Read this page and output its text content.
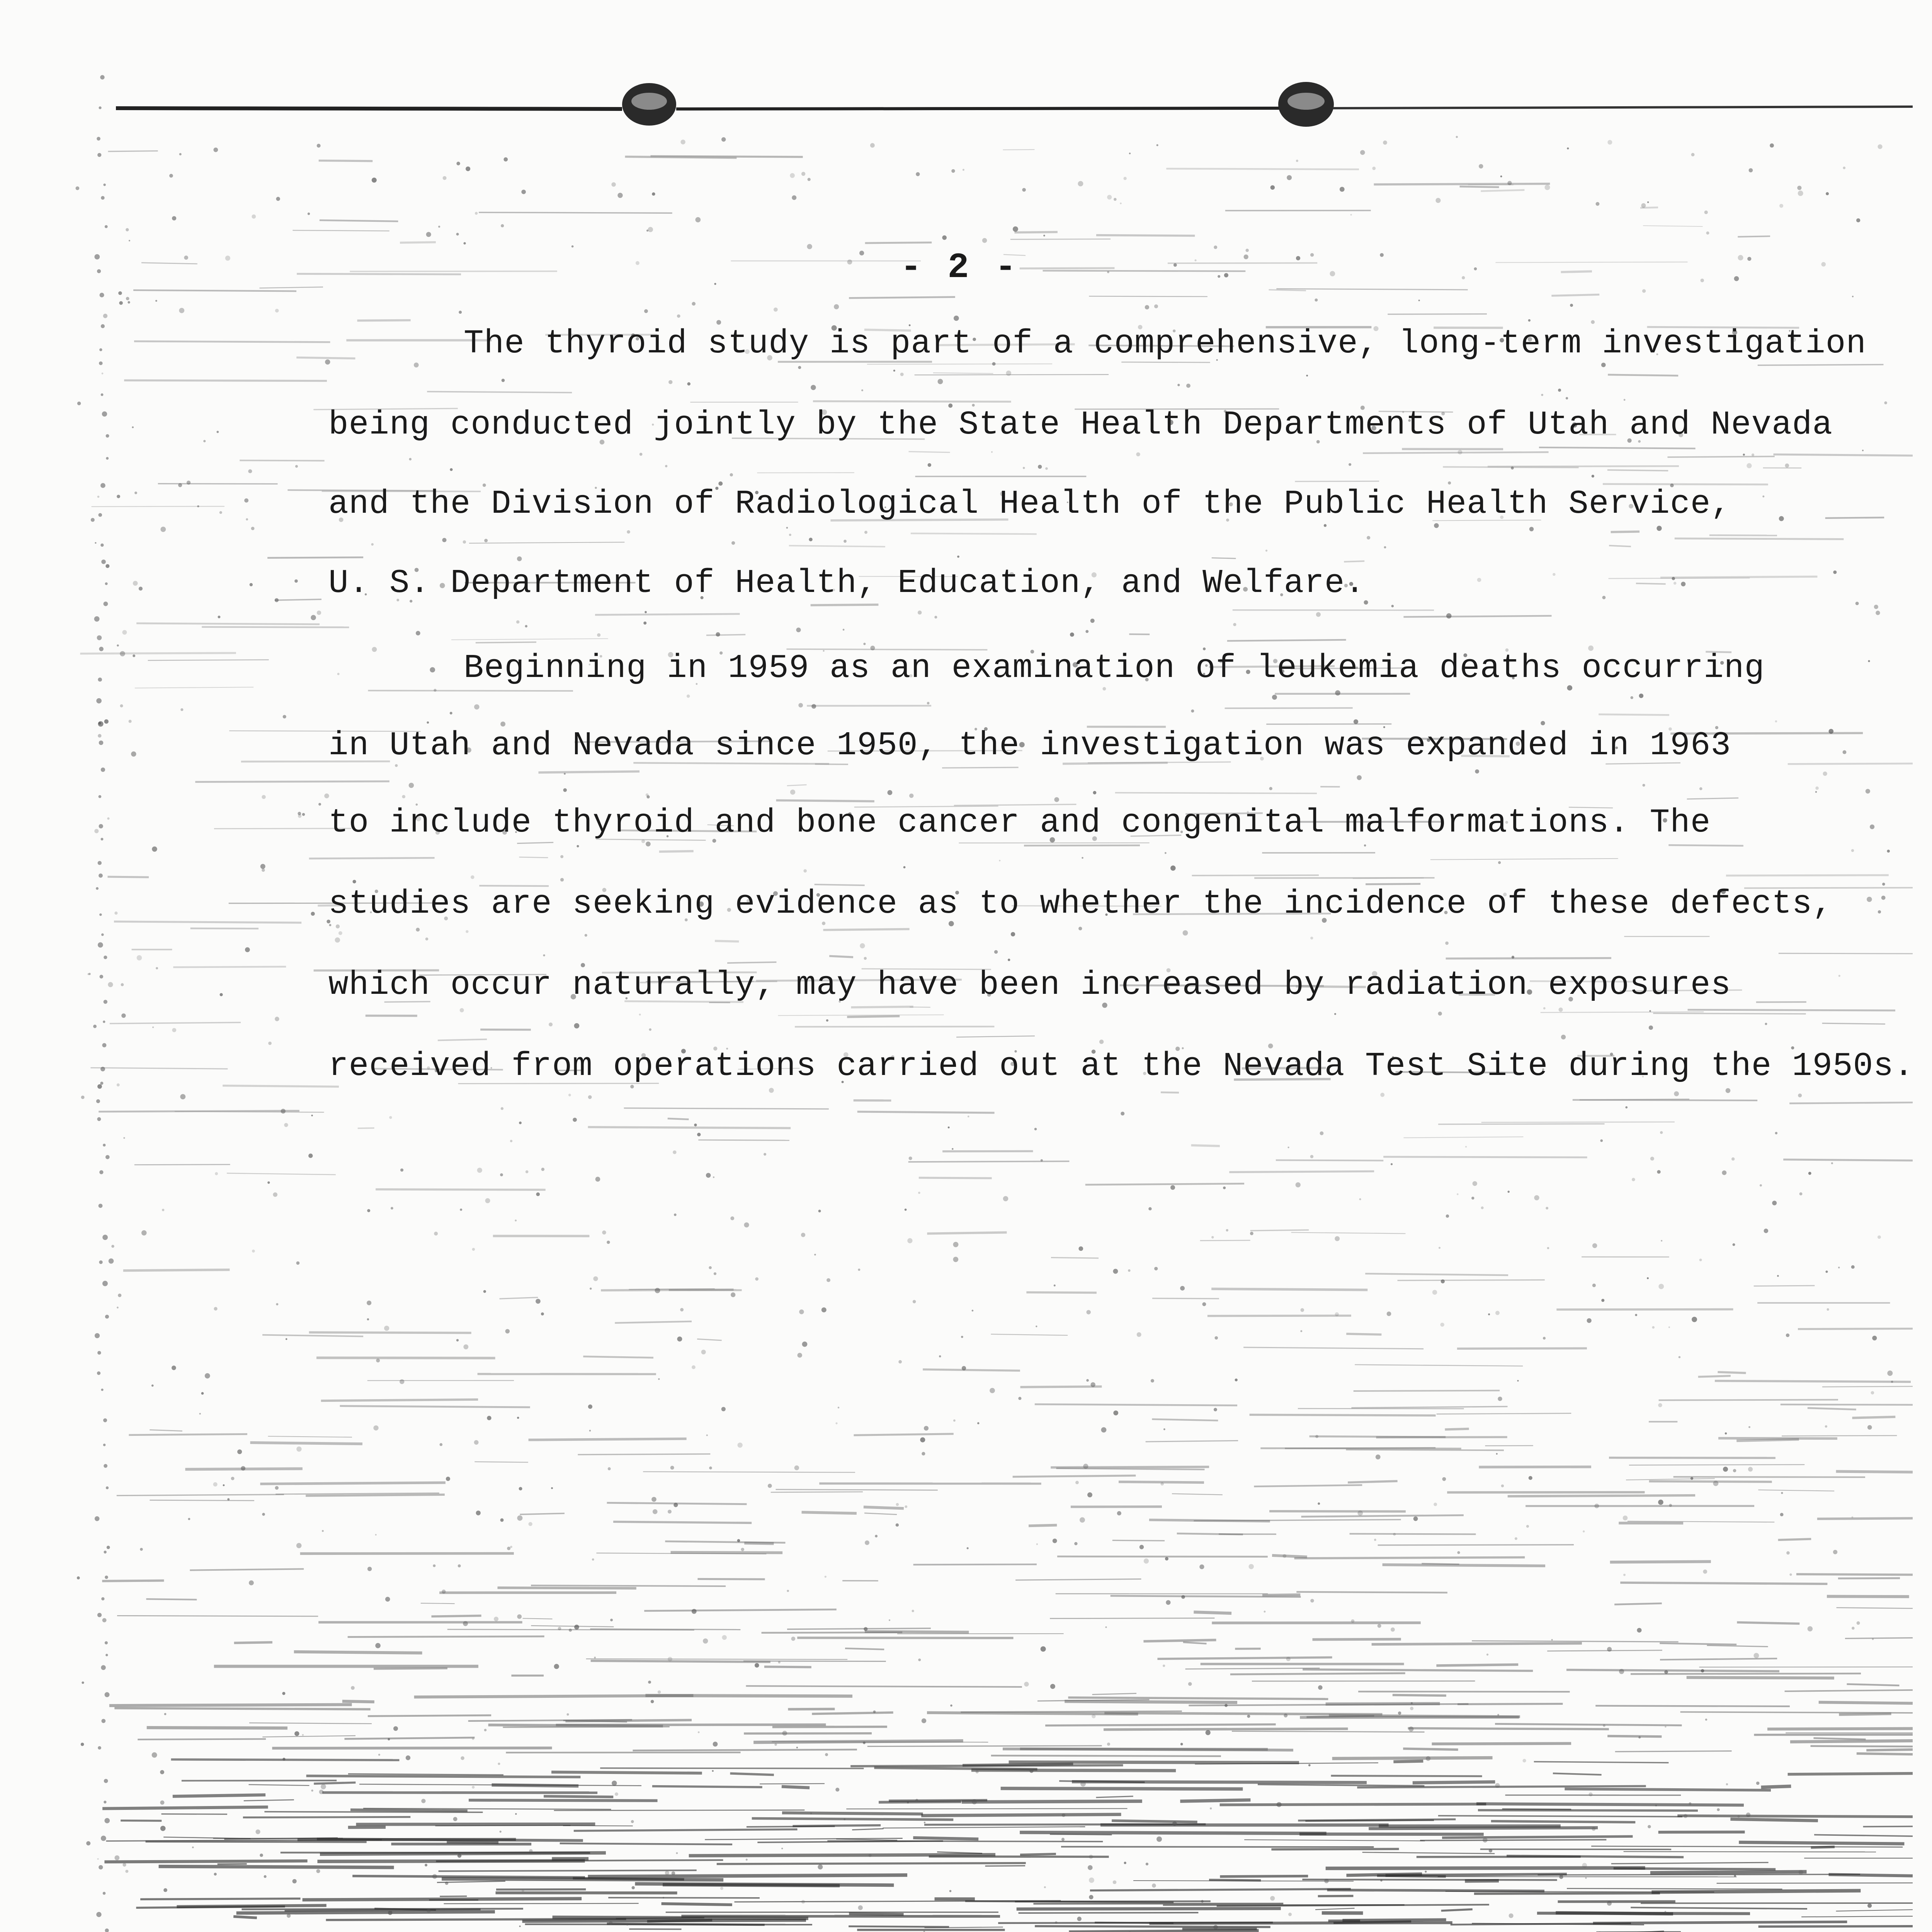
- 2 -
The thyroid study is part of a comprehensive, long-term investigation
being conducted jointly by the State Health Departments of Utah and Nevada
and the Division of Radiological Health of the Public Health Service,
U. S. Department of Health, Education, and Welfare.
Beginning in 1959 as an examination of leukemia deaths occurring
in Utah and Nevada since 1950, the investigation was expanded in 1963
to include thyroid and bone cancer and congenital malformations. The
studies are seeking evidence as to whether the incidence of these defects,
which occur naturally, may have been increased by radiation exposures
received from operations carried out at the Nevada Test Site during the 1950s.
